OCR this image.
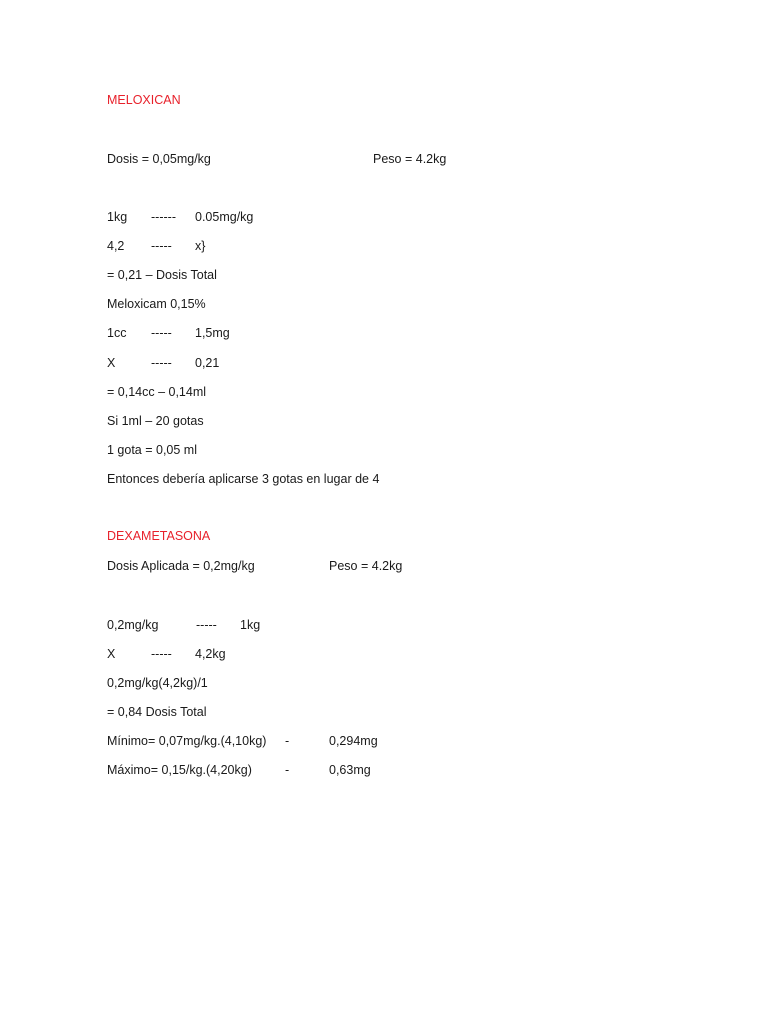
MELOXICAN
Dosis = 0,05mg/kg	Peso = 4.2kg
1kg ------ 0.05mg/kg
4,2 ----- x}
= 0,21 – Dosis Total
Meloxicam 0,15%
1cc ----- 1,5mg
X	----- 0,21
= 0,14cc – 0,14ml
Si 1ml – 20 gotas
1 gota = 0,05 ml
Entonces debería aplicarse 3 gotas en lugar de 4
DEXAMETASONA
Dosis Aplicada = 0,2mg/kg	Peso = 4.2kg
0,2mg/kg	----- 1kg
X	----- 4,2kg
0,2mg/kg(4,2kg)/1
= 0,84 Dosis Total
Mínimo= 0,07mg/kg.(4,10kg) -	0,294mg
Máximo= 0,15/kg.(4,20kg)	-	0,63mg
